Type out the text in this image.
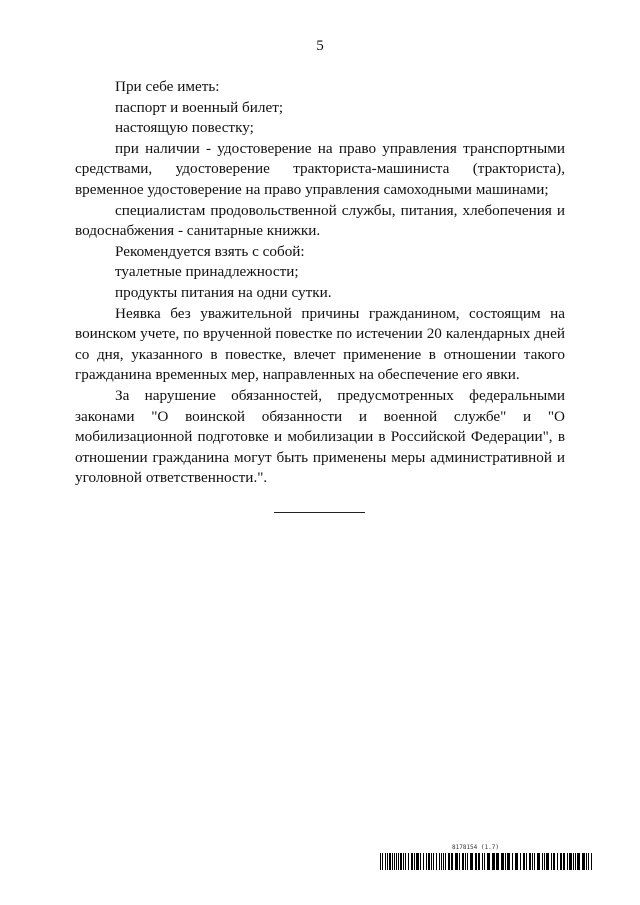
5

При себе иметь:

паспорт и военный билет;

настоящую повестку;

при наличии - удостоверение на право управления транспортными средствами, удостоверение тракториста-машиниста (тракториста), временное удостоверение на право управления самоходными машинами;

специалистам продовольственной службы, питания, хлебопечения и водоснабжения - санитарные книжки.

Рекомендуется взять с собой:

туалетные принадлежности;

продукты питания на одни сутки.

Неявка без уважительной причины гражданином, состоящим на воинском учете, по врученной повестке по истечении 20 календарных дней со дня, указанного в повестке, влечет применение в отношении такого гражданина временных мер, направленных на обеспечение его явки.

За нарушение обязанностей, предусмотренных федеральными законами "О воинской обязанности и военной службе" и "О мобилизационной подготовке и мобилизации в Российской Федерации", в отношении гражданина могут быть применены меры административной и уголовной ответственности.".

8178154 (1.7)
